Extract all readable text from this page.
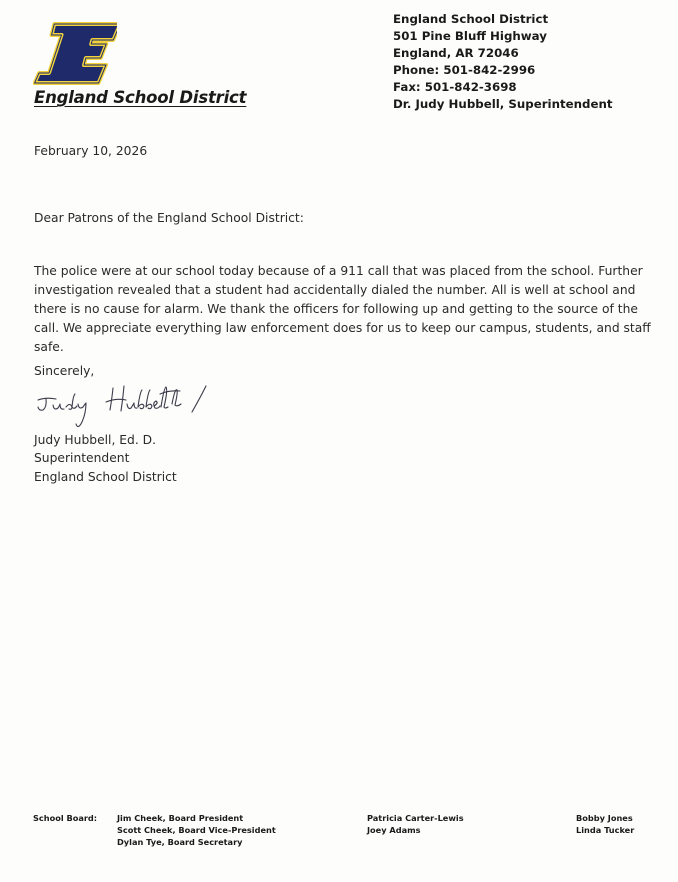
England School District
England School District
501 Pine Bluff Highway
England, AR 72046
Phone: 501-842-2996
Fax: 501-842-3698
Dr. Judy Hubbell, Superintendent
February 10, 2026
Dear Patrons of the England School District:

The police were at our school today because of a 911 call that was placed from the school. Further investigation revealed that a student had accidentally dialed the number. All is well at school and there is no cause for alarm. We thank the officers for following up and getting to the source of the call. We appreciate everything law enforcement does for us to keep our campus, students, and staff safe.

Sincerely,
Judy Hubbell, Ed. D.
Superintendent
England School District
School Board: Jim Cheek, Board President
Scott Cheek, Board Vice-President
Dylan Tye, Board Secretary
Patricia Carter-Lewis
Joey Adams
Bobby Jones
Linda Tucker
